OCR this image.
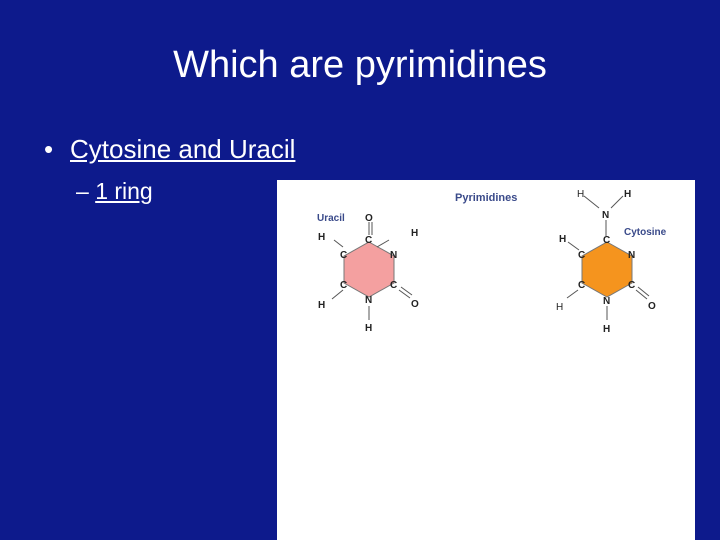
Which are pyrimidines
• Cytosine and Uracil
– 1 ring	Pyrimidines
Uracil O
C
H
N
C
O
N
H
C
C
H
H
Cytosine
H	H
N
C
N
C
O
N
H
C
C
H
H
